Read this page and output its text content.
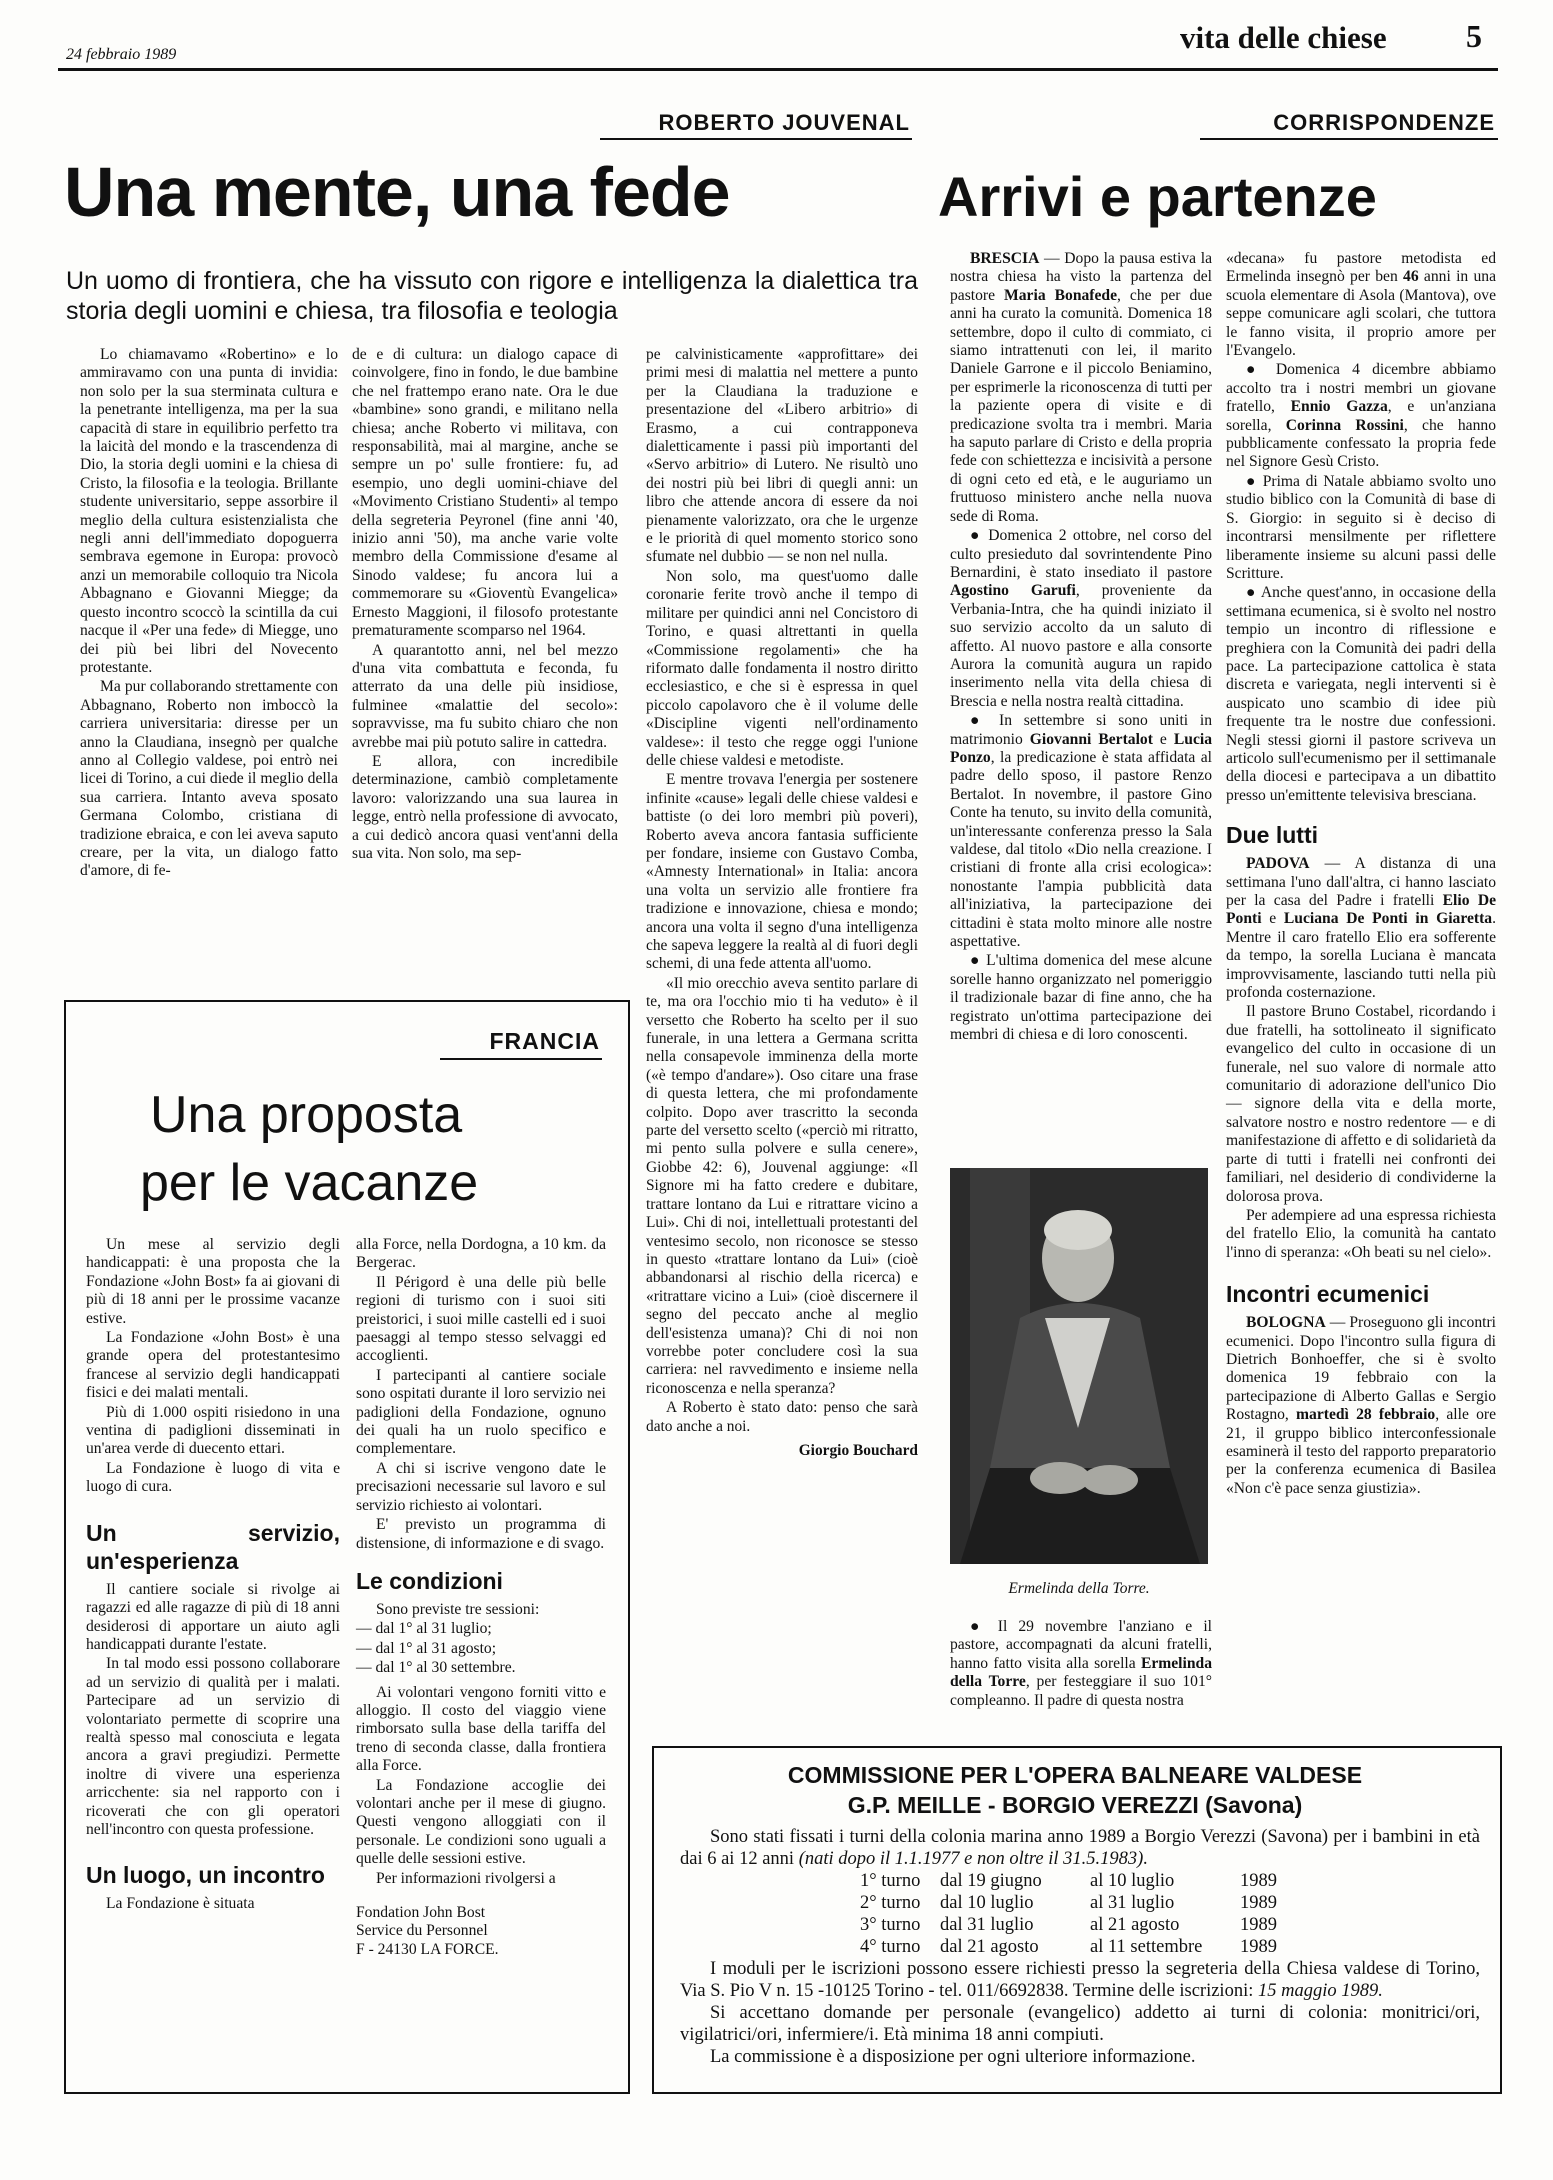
24 febbraio 1989	vita delle chiese 5
ROBERTO JOUVENAL
Una mente, una fede
Un uomo di frontiera, che ha vissuto con rigore e intelligenza la dialettica tra storia degli uomini e chiesa, tra filosofia e teologia

Lo chiamavamo «Robertino» e lo ammiravamo con una punta di invidia: non solo per la sua sterminata cultura e la penetrante intelligenza, ma per la sua capacità di stare in equilibrio perfetto tra la laicità del mondo e la trascendenza di Dio, la storia degli uomini e la chiesa di Cristo, la filosofia e la teologia. Brillante studente universitario, seppe assorbire il meglio della cultura esistenzialista che negli anni dell'immediato dopoguerra sembrava egemone in Europa: provocò anzi un memorabile colloquio tra Nicola Abbagnano e Giovanni Miegge; da questo incontro scoccò la scintilla da cui nacque il «Per una fede» di Miegge, uno dei più bei libri del Novecento protestante.

Ma pur collaborando strettamente con Abbagnano, Roberto non imboccò la carriera universitaria: diresse per un anno la Claudiana, insegnò per qualche anno al Collegio valdese, poi entrò nei licei di Torino, a cui diede il meglio della sua carriera. Intanto aveva sposato Germana Colombo, cristiana di tradizione ebraica, e con lei aveva saputo creare, per la vita, un dialogo fatto d'amore, di fe-

de e di cultura: un dialogo capace di coinvolgere, fino in fondo, le due bambine che nel frattempo erano nate. Ora le due «bambine» sono grandi, e militano nella chiesa; anche Roberto vi militava, con responsabilità, mai al margine, anche se sempre un po' sulle frontiere: fu, ad esempio, uno degli uomini-chiave del «Movimento Cristiano Studenti» al tempo della segreteria Peyronel (fine anni '40, inizio anni '50), ma anche varie volte membro della Commissione d'esame al Sinodo valdese; fu ancora lui a commemorare su «Gioventù Evangelica» Ernesto Maggioni, il filosofo protestante prematuramente scomparso nel 1964.

A quarantotto anni, nel bel mezzo d'una vita combattuta e feconda, fu atterrato da una delle più insidiose, fulminee «malattie del secolo»: sopravvisse, ma fu subito chiaro che non avrebbe mai più potuto salire in cattedra.

E allora, con incredibile determinazione, cambiò completamente lavoro: valorizzando una sua laurea in legge, entrò nella professione di avvocato, a cui dedicò ancora quasi vent'anni della sua vita. Non solo, ma sep-

pe calvinisticamente «approfittare» dei primi mesi di malattia nel mettere a punto per la Claudiana la traduzione e presentazione del «Libero arbitrio» di Erasmo, a cui contrapponeva dialetticamente i passi più importanti del «Servo arbitrio» di Lutero. Ne risultò uno dei nostri più bei libri di quegli anni: un libro che attende ancora di essere da noi pienamente valorizzato, ora che le urgenze e le priorità di quel momento storico sono sfumate nel dubbio — se non nel nulla.

Non solo, ma quest'uomo dalle coronarie ferite trovò anche il tempo di militare per quindici anni nel Concistoro di Torino, e quasi altrettanti in quella «Commissione regolamenti» che ha riformato dalle fondamenta il nostro diritto ecclesiastico, e che si è espressa in quel piccolo capolavoro che è il volume delle «Discipline vigenti nell'ordinamento valdese»: il testo che regge oggi l'unione delle chiese valdesi e metodiste.

E mentre trovava l'energia per sostenere infinite «cause» legali delle chiese valdesi e battiste (o dei loro membri più poveri), Roberto aveva ancora fantasia sufficiente per fondare, insieme con Gustavo Comba, «Amnesty International» in Italia: ancora una volta un servizio alle frontiere fra tradizione e innovazione, chiesa e mondo; ancora una volta il segno d'una intelligenza che sapeva leggere la realtà al di fuori degli schemi, di una fede attenta all'uomo.

«Il mio orecchio aveva sentito parlare di te, ma ora l'occhio mio ti ha veduto» è il versetto che Roberto ha scelto per il suo funerale, in una lettera a Germana scritta nella consapevole imminenza della morte («è tempo d'andare»). Oso citare una frase di questa lettera, che mi profondamente colpito. Dopo aver trascritto la seconda parte del versetto scelto («perciò mi ritratto, mi pento sulla polvere e sulla cenere», Giobbe 42: 6), Jouvenal aggiunge: «Il Signore mi ha fatto credere e dubitare, trattare lontano da Lui e ritrattare vicino a Lui». Chi di noi, intellettuali protestanti del ventesimo secolo, non riconosce se stesso in questo «trattare lontano da Lui» (cioè abbandonarsi al rischio della ricerca) e «ritrattare vicino a Lui» (cioè discernere il segno del peccato anche al meglio dell'esistenza umana)? Chi di noi non vorrebbe poter concludere così la sua carriera: nel ravvedimento e insieme nella riconoscenza e nella speranza?

A Roberto è stato dato: penso che sarà dato anche a noi.

Giorgio Bouchard
FRANCIA
Una proposta
per le vacanze

Un mese al servizio degli handicappati: è una proposta che la Fondazione «John Bost» fa ai giovani di più di 18 anni per le prossime vacanze estive.

La Fondazione «John Bost» è una grande opera del protestantesimo francese al servizio degli handicappati fisici e dei malati mentali.

Più di 1.000 ospiti risiedono in una ventina di padiglioni disseminati in un'area verde di duecento ettari.

La Fondazione è luogo di vita e luogo di cura.

Un servizio, un'esperienza

Il cantiere sociale si rivolge ai ragazzi ed alle ragazze di più di 18 anni desiderosi di apportare un aiuto agli handicappati durante l'estate.

In tal modo essi possono collaborare ad un servizio di qualità per i malati. Partecipare ad un servizio di volontariato permette di scoprire una realtà spesso mal conosciuta e legata ancora a gravi pregiudizi. Permette inoltre di vivere una esperienza arricchente: sia nel rapporto con i ricoverati che con gli operatori nell'incontro con questa professione.

Un luogo, un incontro

La Fondazione è situata

alla Force, nella Dordogna, a 10 km. da Bergerac.

Il Périgord è una delle più belle regioni di turismo con i suoi siti preistorici, i suoi mille castelli ed i suoi paesaggi al tempo stesso selvaggi ed accoglienti.

I partecipanti al cantiere sociale sono ospitati durante il loro servizio nei padiglioni della Fondazione, ognuno dei quali ha un ruolo specifico e complementare.

A chi si iscrive vengono date le precisazioni necessarie sul lavoro e sul servizio richiesto ai volontari.

E' previsto un programma di distensione, di informazione e di svago.

Le condizioni

Sono previste tre sessioni:

— dal 1° al 31 luglio;

— dal 1° al 31 agosto;

— dal 1° al 30 settembre.

Ai volontari vengono forniti vitto e alloggio. Il costo del viaggio viene rimborsato sulla base della tariffa del treno di seconda classe, dalla frontiera alla Force.

La Fondazione accoglie dei volontari anche per il mese di giugno. Questi vengono alloggiati con il personale. Le condizioni sono uguali a quelle delle sessioni estive.

Per informazioni rivolgersi a

Fondation John Bost
Service du Personnel
F - 24130 LA FORCE.
CORRISPONDENZE
Arrivi e partenze

BRESCIA — Dopo la pausa estiva la nostra chiesa ha visto la partenza del pastore Maria Bonafede, che per due anni ha curato la comunità. Domenica 18 settembre, dopo il culto di commiato, ci siamo intrattenuti con lei, il marito Daniele Garrone e il piccolo Beniamino, per esprimerle la riconoscenza di tutti per la paziente opera di visite e di predicazione svolta tra i membri. Maria ha saputo parlare di Cristo e della propria fede con schiettezza e incisività a persone di ogni ceto ed età, e le auguriamo un fruttuoso ministero anche nella nuova sede di Roma.

● Domenica 2 ottobre, nel corso del culto presieduto dal sovrintendente Pino Bernardini, è stato insediato il pastore Agostino Garufi, proveniente da Verbania-Intra, che ha quindi iniziato il suo servizio accolto da un saluto di affetto. Al nuovo pastore e alla consorte Aurora la comunità augura un rapido inserimento nella vita della chiesa di Brescia e nella nostra realtà cittadina.

● In settembre si sono uniti in matrimonio Giovanni Bertalot e Lucia Ponzo, la predicazione è stata affidata al padre dello sposo, il pastore Renzo Bertalot. In novembre, il pastore Gino Conte ha tenuto, su invito della comunità, un'interessante conferenza presso la Sala valdese, dal titolo «Dio nella creazione. I cristiani di fronte alla crisi ecologica»: nonostante l'ampia pubblicità data all'iniziativa, la partecipazione dei cittadini è stata molto minore alle nostre aspettative.

● L'ultima domenica del mese alcune sorelle hanno organizzato nel pomeriggio il tradizionale bazar di fine anno, che ha registrato un'ottima partecipazione dei membri di chiesa e di loro conoscenti.

Ermelinda della Torre.

● Il 29 novembre l'anziano e il pastore, accompagnati da alcuni fratelli, hanno fatto visita alla sorella Ermelinda della Torre, per festeggiare il suo 101° compleanno. Il padre di questa nostra

«decana» fu pastore metodista ed Ermelinda insegnò per ben 46 anni in una scuola elementare di Asola (Mantova), ove seppe comunicare agli scolari, che tuttora le fanno visita, il proprio amore per l'Evangelo.

● Domenica 4 dicembre abbiamo accolto tra i nostri membri un giovane fratello, Ennio Gazza, e un'anziana sorella, Corinna Rossini, che hanno pubblicamente confessato la propria fede nel Signore Gesù Cristo.

● Prima di Natale abbiamo svolto uno studio biblico con la Comunità di base di S. Giorgio: in seguito si è deciso di incontrarsi mensilmente per riflettere liberamente insieme su alcuni passi delle Scritture.

● Anche quest'anno, in occasione della settimana ecumenica, si è svolto nel nostro tempio un incontro di riflessione e preghiera con la Comunità dei padri della pace. La partecipazione cattolica è stata discreta e variegata, negli interventi si è auspicato uno scambio di idee più frequente tra le nostre due confessioni. Negli stessi giorni il pastore scriveva un articolo sull'ecumenismo per il settimanale della diocesi e partecipava a un dibattito presso un'emittente televisiva bresciana.

Due lutti

PADOVA — A distanza di una settimana l'uno dall'altra, ci hanno lasciato per la casa del Padre i fratelli Elio De Ponti e Luciana De Ponti in Giaretta. Mentre il caro fratello Elio era sofferente da tempo, la sorella Luciana è mancata improvvisamente, lasciando tutti nella più profonda costernazione.

Il pastore Bruno Costabel, ricordando i due fratelli, ha sottolineato il significato evangelico del culto in occasione di un funerale, nel suo valore di normale atto comunitario di adorazione dell'unico Dio — signore della vita e della morte, salvatore nostro e nostro redentore — e di manifestazione di affetto e di solidarietà da parte di tutti i fratelli nei confronti dei familiari, nel desiderio di condividerne la dolorosa prova.

Per adempiere ad una espressa richiesta del fratello Elio, la comunità ha cantato l'inno di speranza: «Oh beati su nel cielo».

Incontri ecumenici

BOLOGNA — Proseguono gli incontri ecumenici. Dopo l'incontro sulla figura di Dietrich Bonhoeffer, che si è svolto domenica 19 febbraio con la partecipazione di Alberto Gallas e Sergio Rostagno, martedì 28 febbraio, alle ore 21, il gruppo biblico interconfessionale esaminerà il testo del rapporto preparatorio per la conferenza ecumenica di Basilea «Non c'è pace senza giustizia».

COMMISSIONE PER L'OPERA BALNEARE VALDESE
G.P. MEILLE - BORGIO VEREZZI (Savona)
Sono stati fissati i turni della colonia marina anno 1989 a Borgio Verezzi (Savona) per i bambini in età dai 6 ai 12 anni (nati dopo il 1.1.1977 e non oltre il 31.5.1983).
1° turno dal 19 giugno	al 10 luglio	1989
2° turno dal 10 luglio	al 31 luglio	1989
3° turno dal 31 luglio	al 21 agosto	1989
4° turno dal 21 agosto	al 11 settembre 1989
I moduli per le iscrizioni possono essere richiesti presso la segreteria della Chiesa valdese di Torino, Via S. Pio V n. 15 -10125 Torino - tel. 011/6692838. Termine delle iscrizioni: 15 maggio 1989.
Si accettano domande per personale (evangelico) addetto ai turni di colonia: monitrici/ori, vigilatrici/ori, infermiere/i. Età minima 18 anni compiuti.
La commissione è a disposizione per ogni ulteriore informazione.
